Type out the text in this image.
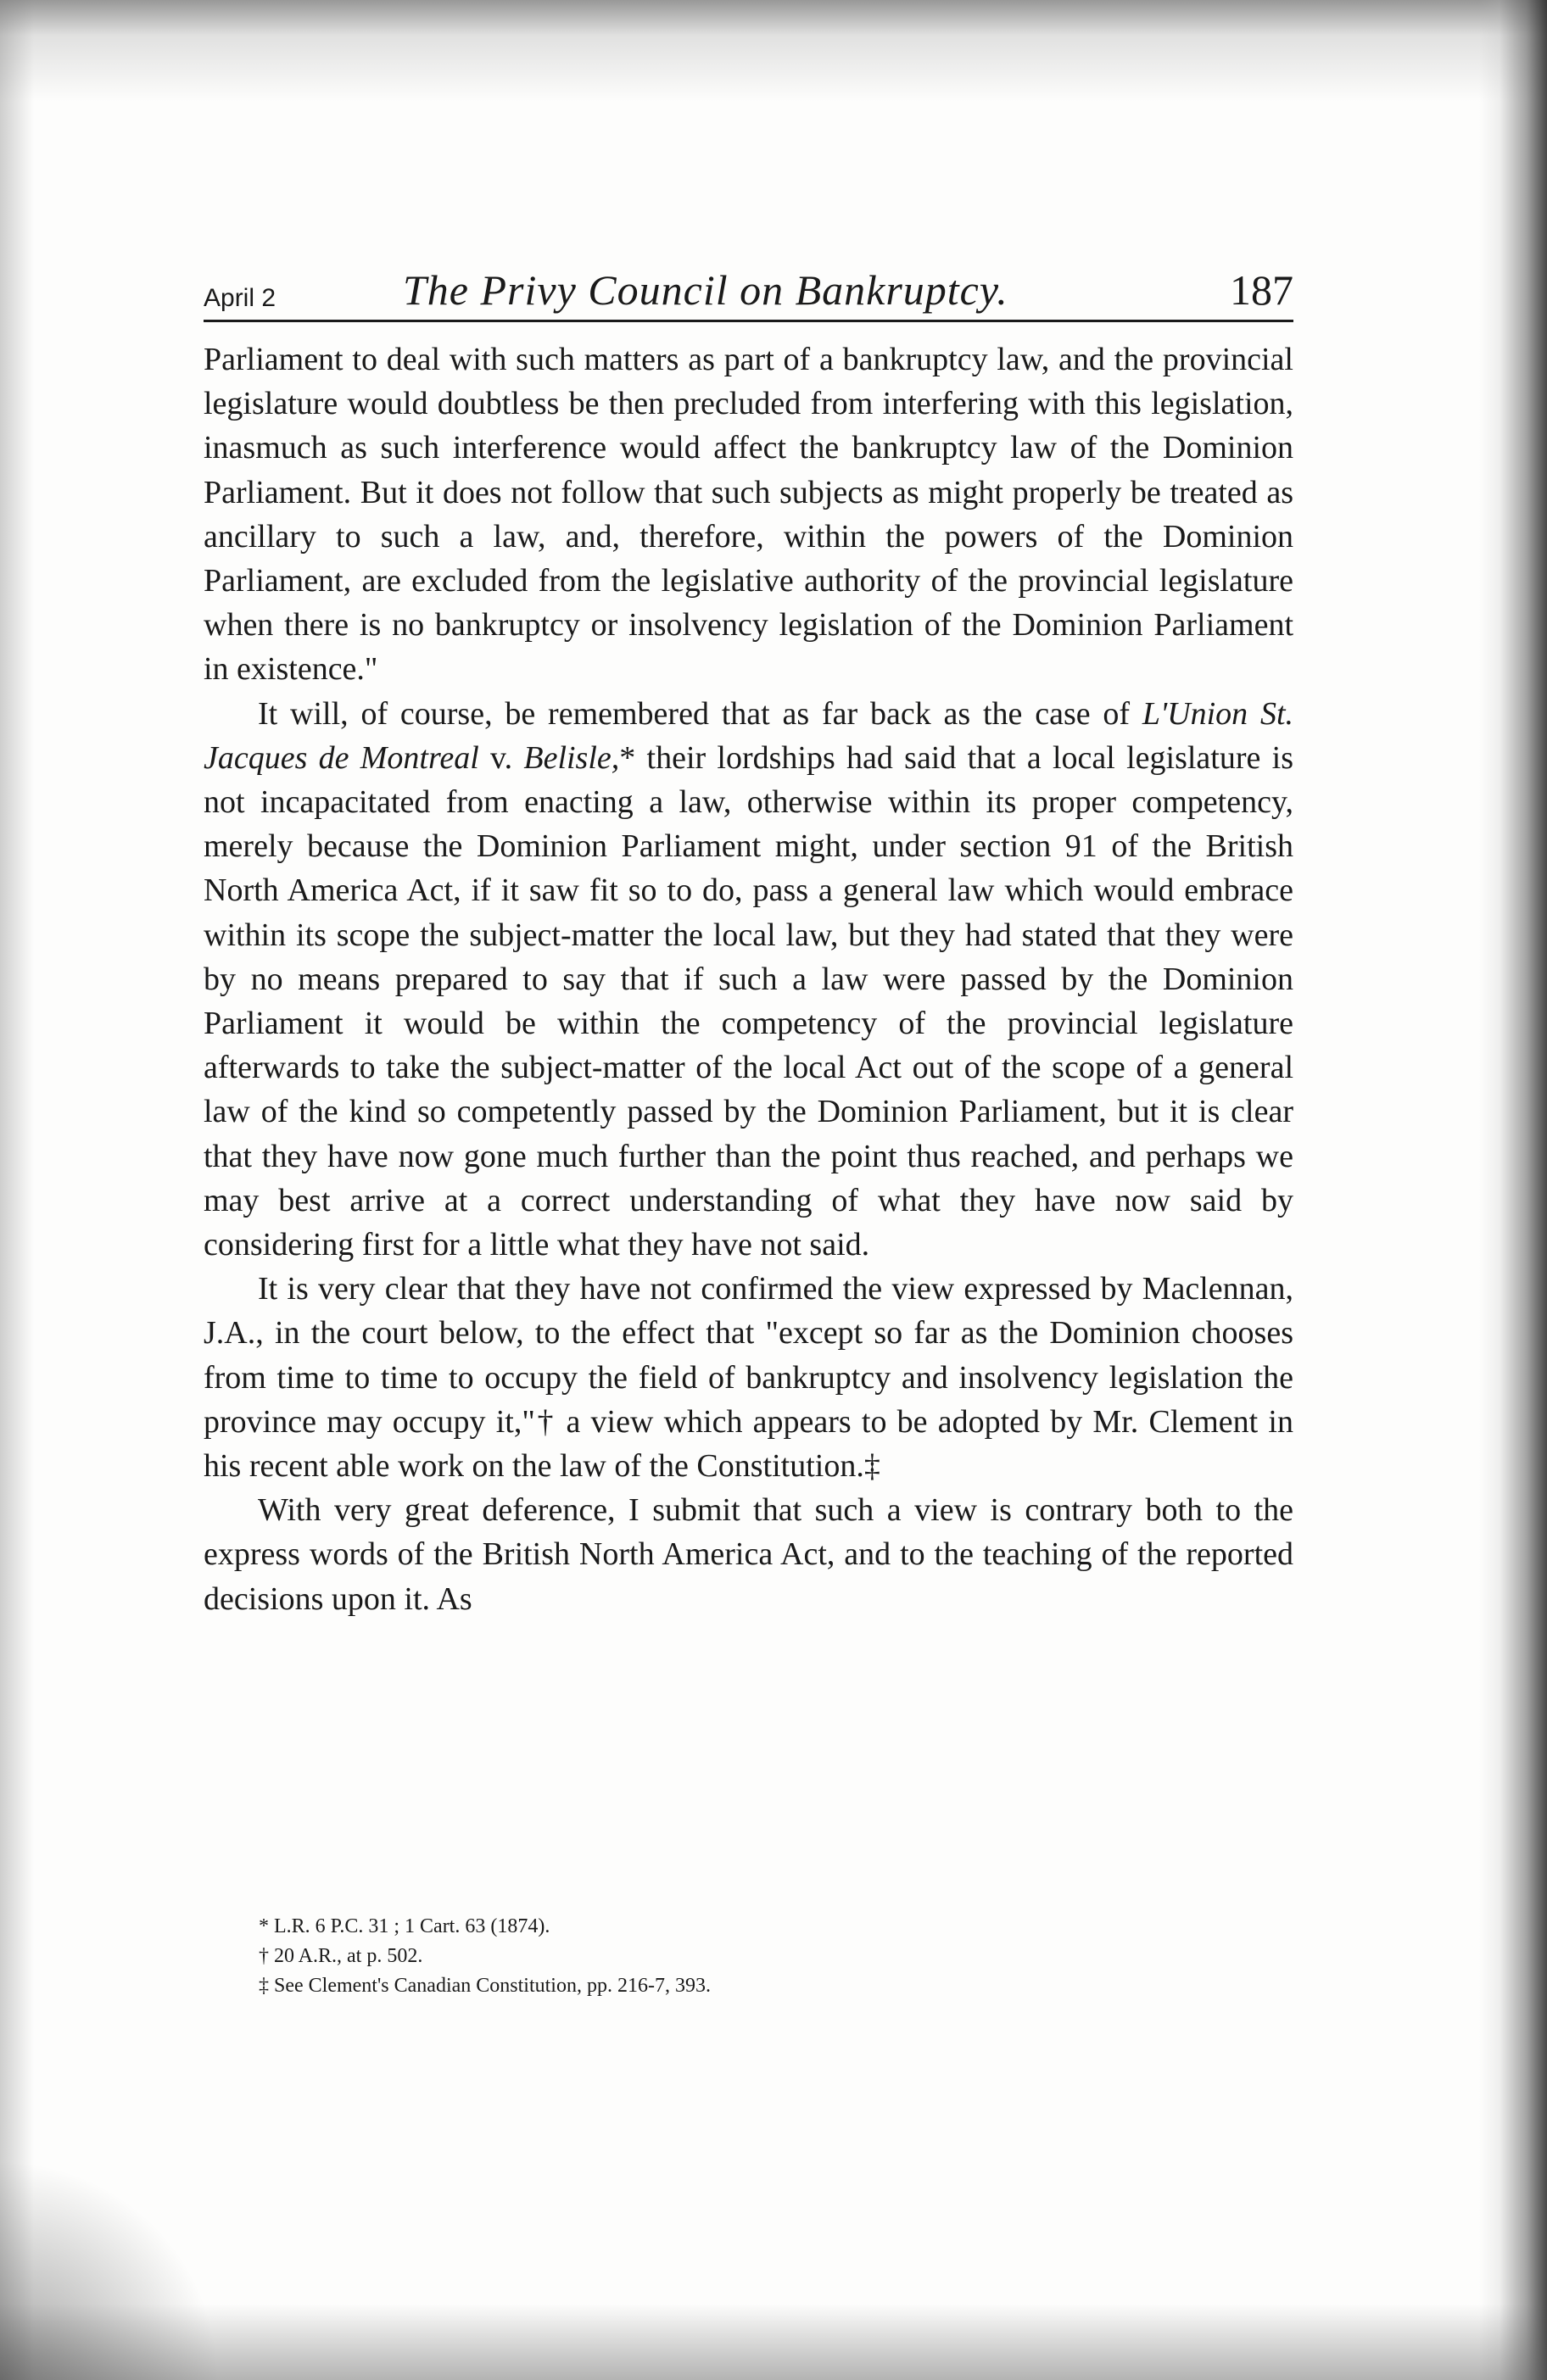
April 2	The Privy Council on Bankruptcy.	187

Parliament to deal with such matters as part of a bankruptcy law, and the provincial legislature would doubtless be then precluded from interfering with this legislation, inasmuch as such interference would affect the bankruptcy law of the Dominion Parliament. But it does not follow that such subjects as might properly be treated as ancillary to such a law, and, therefore, within the powers of the Dominion Parliament, are excluded from the legislative authority of the provincial legislature when there is no bankruptcy or insolvency legislation of the Dominion Parliament in existence."

It will, of course, be remembered that as far back as the case of L'Union St. Jacques de Montreal v. Belisle,* their lordships had said that a local legislature is not incapacitated from enacting a law, otherwise within its proper competency, merely because the Dominion Parliament might, under section 91 of the British North America Act, if it saw fit so to do, pass a general law which would embrace within its scope the subject-matter the local law, but they had stated that they were by no means prepared to say that if such a law were passed by the Dominion Parliament it would be within the competency of the provincial legislature afterwards to take the subject-matter of the local Act out of the scope of a general law of the kind so competently passed by the Dominion Parliament, but it is clear that they have now gone much further than the point thus reached, and perhaps we may best arrive at a correct understanding of what they have now said by considering first for a little what they have not said.

It is very clear that they have not confirmed the view expressed by Maclennan, J.A., in the court below, to the effect that "except so far as the Dominion chooses from time to time to occupy the field of bankruptcy and insolvency legislation the province may occupy it,"† a view which appears to be adopted by Mr. Clement in his recent able work on the law of the Constitution.‡

With very great deference, I submit that such a view is contrary both to the express words of the British North America Act, and to the teaching of the reported decisions upon it. As

* L.R. 6 P.C. 31 ; 1 Cart. 63 (1874).

† 20 A.R., at p. 502.

‡ See Clement's Canadian Constitution, pp. 216-7, 393.
